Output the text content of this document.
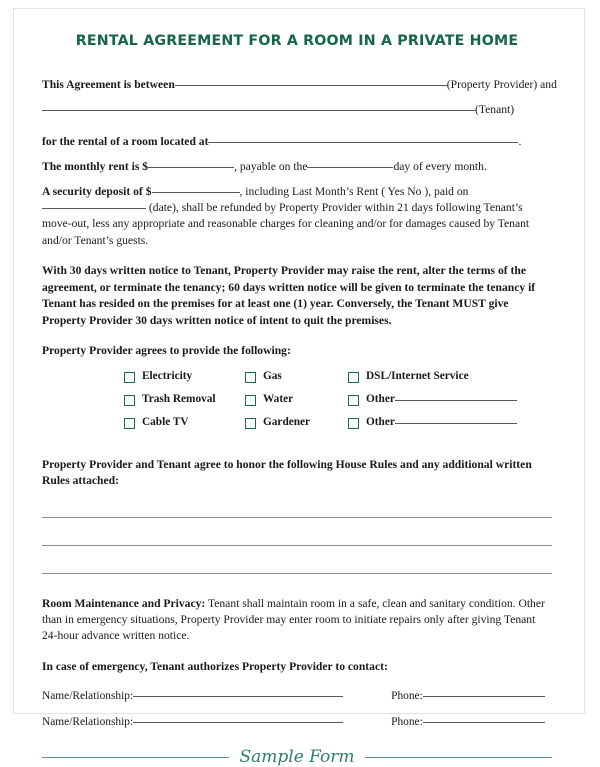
RENTAL AGREEMENT FOR A ROOM IN A PRIVATE HOME
This Agreement is between	(Property Provider) and
(Tenant)
for the rental of a room located at	.
The monthly rent is $	, payable on the	day of every month.
A security deposit of $	, including Last Month’s Rent ( Yes No ), paid on (date), shall be refunded by Property Provider within 21 days following Tenant’s move-out, less any appropriate and reasonable charges for cleaning and/or for damages caused by Tenant and/or Tenant’s guests.
With 30 days written notice to Tenant, Property Provider may raise the rent, alter the terms of the agreement, or terminate the tenancy; 60 days written notice will be given to terminate the tenancy if Tenant has resided on the premises for at least one (1) year. Conversely, the Tenant MUST give Property Provider 30 days written notice of intent to quit the premises.
Property Provider agrees to provide the following:
Electricity	Gas	DSL/Internet Service
Trash Removal	Water	Other
Cable TV	Gardener	Other
Property Provider and Tenant agree to honor the following House Rules and any additional written Rules attached:
Room Maintenance and Privacy: Tenant shall maintain room in a safe, clean and sanitary condition. Other than in emergency situations, Property Provider may enter room to initiate repairs only after giving Tenant 24-hour advance written notice.
In case of emergency, Tenant authorizes Property Provider to contact:
Name/Relationship:	Phone:
Name/Relationship:	Phone:
Sample Form
